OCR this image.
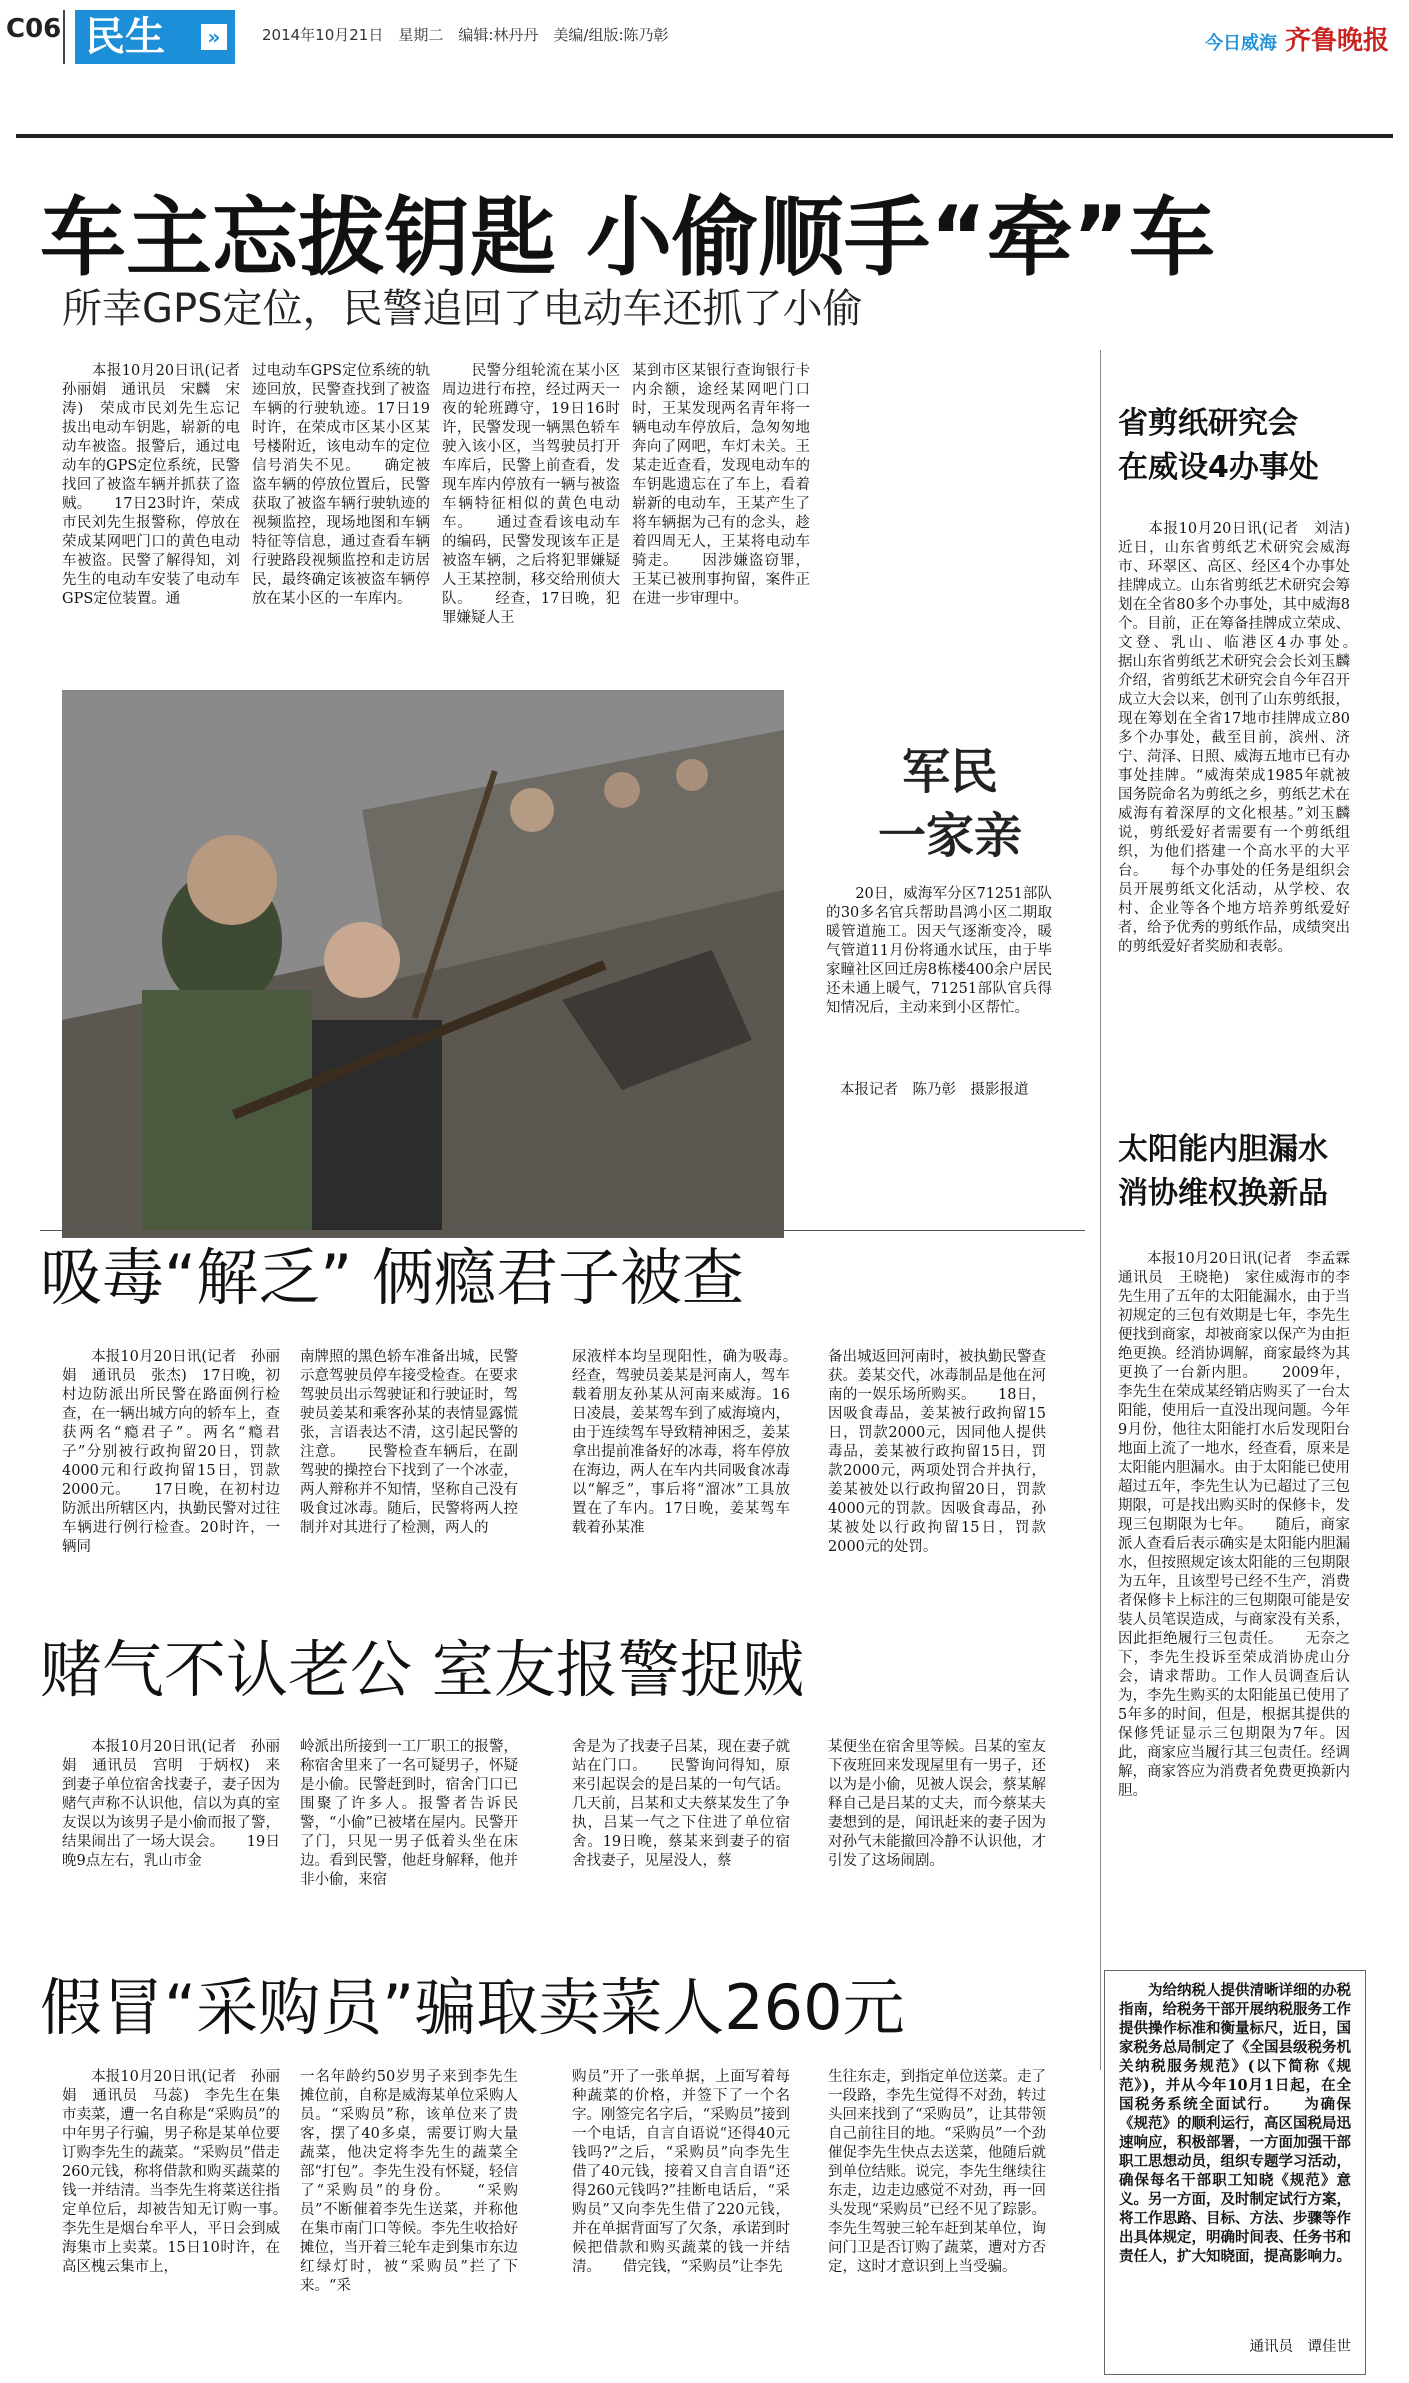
C06 民生	»	2014年10月21日　星期二　编辑:林丹丹　美编/组版:陈乃彰	今日威海 齐鲁晚报
车主忘拔钥匙 小偷顺手“牵”车
所幸GPS定位，民警追回了电动车还抓了小偷
　　本报10月20日讯(记者　孙丽娟　通讯员　宋麟　宋涛)　荣成市民刘先生忘记拔出电动车钥匙，崭新的电动车被盗。报警后，通过电动车的GPS定位系统，民警找回了被盗车辆并抓获了盗贼。　　17日23时许，荣成市民刘先生报警称，停放在荣成某网吧门口的黄色电动车被盗。民警了解得知，刘先生的电动车安装了电动车GPS定位装置。通
过电动车GPS定位系统的轨迹回放，民警查找到了被盗车辆的行驶轨迹。17日19时许，在荣成市区某小区某号楼附近，该电动车的定位信号消失不见。　　确定被盗车辆的停放位置后，民警获取了被盗车辆行驶轨迹的视频监控，现场地图和车辆特征等信息，通过查看车辆行驶路段视频监控和走访居民，最终确定该被盗车辆停放在某小区的一车库内。
　　民警分组轮流在某小区周边进行布控，经过两天一夜的轮班蹲守，19日16时许，民警发现一辆黑色轿车驶入该小区，当驾驶员打开车库后，民警上前查看，发现车库内停放有一辆与被盗车辆特征相似的黄色电动车。　　通过查看该电动车的编码，民警发现该车正是被盗车辆，之后将犯罪嫌疑人王某控制，移交给刑侦大队。　　经查，17日晚，犯罪嫌疑人王
某到市区某银行查询银行卡内余额，途经某网吧门口时，王某发现两名青年将一辆电动车停放后，急匆匆地奔向了网吧，车灯未关。王某走近查看，发现电动车的车钥匙遗忘在了车上，看着崭新的电动车，王某产生了将车辆据为己有的念头，趁着四周无人，王某将电动车骑走。　　因涉嫌盗窃罪，王某已被刑事拘留，案件正在进一步审理中。
军民
一家亲
　　20日，威海军分区71251部队的30多名官兵帮助昌鸿小区二期取暖管道施工。因天气逐渐变冷，暖气管道11月份将通水试压，由于毕家疃社区回迁房8栋楼400余户居民还未通上暖气，71251部队官兵得知情况后，主动来到小区帮忙。
本报记者　陈乃彰　摄影报道
省剪纸研究会
在威设4办事处
　　本报10月20日讯(记者　刘洁)　近日，山东省剪纸艺术研究会威海市、环翠区、高区、经区4个办事处挂牌成立。山东省剪纸艺术研究会筹划在全省80多个办事处，其中威海8个。目前，正在筹备挂牌成立荣成、文登、乳山、临港区4办事处。　　据山东省剪纸艺术研究会会长刘玉麟介绍，省剪纸艺术研究会自今年召开成立大会以来，创刊了山东剪纸报，现在筹划在全省17地市挂牌成立80多个办事处，截至目前，滨州、济宁、菏泽、日照、威海五地市已有办事处挂牌。“威海荣成1985年就被国务院命名为剪纸之乡，剪纸艺术在威海有着深厚的文化根基。”刘玉麟说，剪纸爱好者需要有一个剪纸组织，为他们搭建一个高水平的大平台。　　每个办事处的任务是组织会员开展剪纸文化活动，从学校、农村、企业等各个地方培养剪纸爱好者，给予优秀的剪纸作品，成绩突出的剪纸爱好者奖励和表彰。
太阳能内胆漏水
消协维权换新品
　　本报10月20日讯(记者　李孟霖　通讯员　王晓艳)　家住威海市的李先生用了五年的太阳能漏水，由于当初规定的三包有效期是七年，李先生便找到商家，却被商家以保产为由拒绝更换。经消协调解，商家最终为其更换了一台新内胆。　　2009年，李先生在荣成某经销店购买了一台太阳能，使用后一直没出现问题。今年9月份，他往太阳能打水后发现阳台地面上流了一地水，经查看，原来是太阳能内胆漏水。由于太阳能已使用超过五年，李先生认为已超过了三包期限，可是找出购买时的保修卡，发现三包期限为七年。　　随后，商家派人查看后表示确实是太阳能内胆漏水，但按照规定该太阳能的三包期限为五年，且该型号已经不生产，消费者保修卡上标注的三包期限可能是安装人员笔误造成，与商家没有关系，因此拒绝履行三包责任。　　无奈之下，李先生投诉至荣成消协虎山分会，请求帮助。工作人员调查后认为，李先生购买的太阳能虽已使用了5年多的时间，但是，根据其提供的保修凭证显示三包期限为7年。因此，商家应当履行其三包责任。经调解，商家答应为消费者免费更换新内胆。
　　为给纳税人提供清晰详细的办税指南，给税务干部开展纳税服务工作提供操作标准和衡量标尺，近日，国家税务总局制定了《全国县级税务机关纳税服务规范》(以下简称《规范》)，并从今年10月1日起，在全国税务系统全面试行。　　为确保《规范》的顺利运行，高区国税局迅速响应，积极部署，一方面加强干部职工思想动员，组织专题学习活动，确保每名干部职工知晓《规范》意义。另一方面，及时制定试行方案，将工作思路、目标、方法、步骤等作出具体规定，明确时间表、任务书和责任人，扩大知晓面，提高影响力。
通讯员　谭佳世
吸毒“解乏” 俩瘾君子被查
　　本报10月20日讯(记者　孙丽娟　通讯员　张杰)　17日晚，初村边防派出所民警在路面例行检查，在一辆出城方向的轿车上，查获两名“瘾君子”。两名“瘾君子”分别被行政拘留20日，罚款4000元和行政拘留15日，罚款2000元。　　17日晚，在初村边防派出所辖区内，执勤民警对过往车辆进行例行检查。20时许，一辆同
南牌照的黑色轿车准备出城，民警示意驾驶员停车接受检查。在要求驾驶员出示驾驶证和行驶证时，驾驶员姜某和乘客孙某的表情显露慌张，言语表达不清，这引起民警的注意。　　民警检查车辆后，在副驾驶的操控台下找到了一个冰壶，两人辩称并不知情，坚称自己没有吸食过冰毒。随后，民警将两人控制并对其进行了检测，两人的
尿液样本均呈现阳性，确为吸毒。　　经查，驾驶员姜某是河南人，驾车载着朋友孙某从河南来威海。16日凌晨，姜某驾车到了威海境内，由于连续驾车导致精神困乏，姜某拿出提前准备好的冰毒，将车停放在海边，两人在车内共同吸食冰毒以“解乏”，事后将“溜冰”工具放置在了车内。17日晚，姜某驾车载着孙某准
备出城返回河南时，被执勤民警查获。姜某交代，冰毒制品是他在河南的一娱乐场所购买。　　18日，因吸食毒品，姜某被行政拘留15日，罚款2000元，因同他人提供毒品，姜某被行政拘留15日，罚款2000元，两项处罚合并执行，姜某被处以行政拘留20日，罚款4000元的罚款。因吸食毒品，孙某被处以行政拘留15日，罚款2000元的处罚。
赌气不认老公 室友报警捉贼
　　本报10月20日讯(记者　孙丽娟　通讯员　宫明　于炳权)　来到妻子单位宿舍找妻子，妻子因为赌气声称不认识他，信以为真的室友误以为该男子是小偷而报了警，结果闹出了一场大误会。　　19日晚9点左右，乳山市金
岭派出所接到一工厂职工的报警，称宿舍里来了一名可疑男子，怀疑是小偷。民警赶到时，宿舍门口已围聚了许多人。报警者告诉民警，“小偷”已被堵在屋内。民警开了门，只见一男子低着头坐在床边。看到民警，他赶身解释，他并非小偷，来宿
舍是为了找妻子吕某，现在妻子就站在门口。　　民警询问得知，原来引起误会的是吕某的一句气话。几天前，吕某和丈夫蔡某发生了争执，吕某一气之下住进了单位宿舍。19日晚，蔡某来到妻子的宿舍找妻子，见屋没人，蔡
某便坐在宿舍里等候。吕某的室友下夜班回来发现屋里有一男子，还以为是小偷，见被人误会，蔡某解释自己是吕某的丈夫，而今蔡某夫妻想到的是，闻讯赶来的妻子因为对孙气未能撤回冷静不认识他，才引发了这场闹剧。
假冒“采购员”骗取卖菜人260元
　　本报10月20日讯(记者　孙丽娟　通讯员　马蕊)　李先生在集市卖菜，遭一名自称是“采购员”的中年男子行骗，男子称是某单位要订购李先生的蔬菜。“采购员”借走260元钱，称将借款和购买蔬菜的钱一并结清。当李先生将菜送往指定单位后，却被告知无订购一事。　　李先生是烟台牟平人，平日会到威海集市上卖菜。15日10时许，在高区槐云集市上，
一名年龄约50岁男子来到李先生摊位前，自称是威海某单位采购人员。“采购员”称，该单位来了贵客，摆了40多桌，需要订购大量蔬菜，他决定将李先生的蔬菜全部“打包”。李先生没有怀疑，轻信了“采购员”的身份。　　“采购员”不断催着李先生送菜，并称他在集市南门口等候。李先生收拾好摊位，当开着三轮车走到集市东边红绿灯时，被“采购员”拦了下来。“采
购员”开了一张单据，上面写着每种蔬菜的价格，并签下了一个名字。刚签完名字后，“采购员”接到一个电话，自言自语说“还得40元钱吗?”之后，“采购员”向李先生借了40元钱，接着又自言自语“还得260元钱吗?”挂断电话后，“采购员”又向李先生借了220元钱，并在单据背面写了欠条，承诺到时候把借款和购买蔬菜的钱一并结清。　　借完钱，“采购员”让李先
生往东走，到指定单位送菜。走了一段路，李先生觉得不对劲，转过头回来找到了“采购员”，让其带领自己前往目的地。“采购员”一个劲催促李先生快点去送菜，他随后就到单位结账。说完，李先生继续往东走，边走边感觉不对劲，再一回头发现“采购员”已经不见了踪影。李先生驾驶三轮车赶到某单位，询问门卫是否订购了蔬菜，遭对方否定，这时才意识到上当受骗。
